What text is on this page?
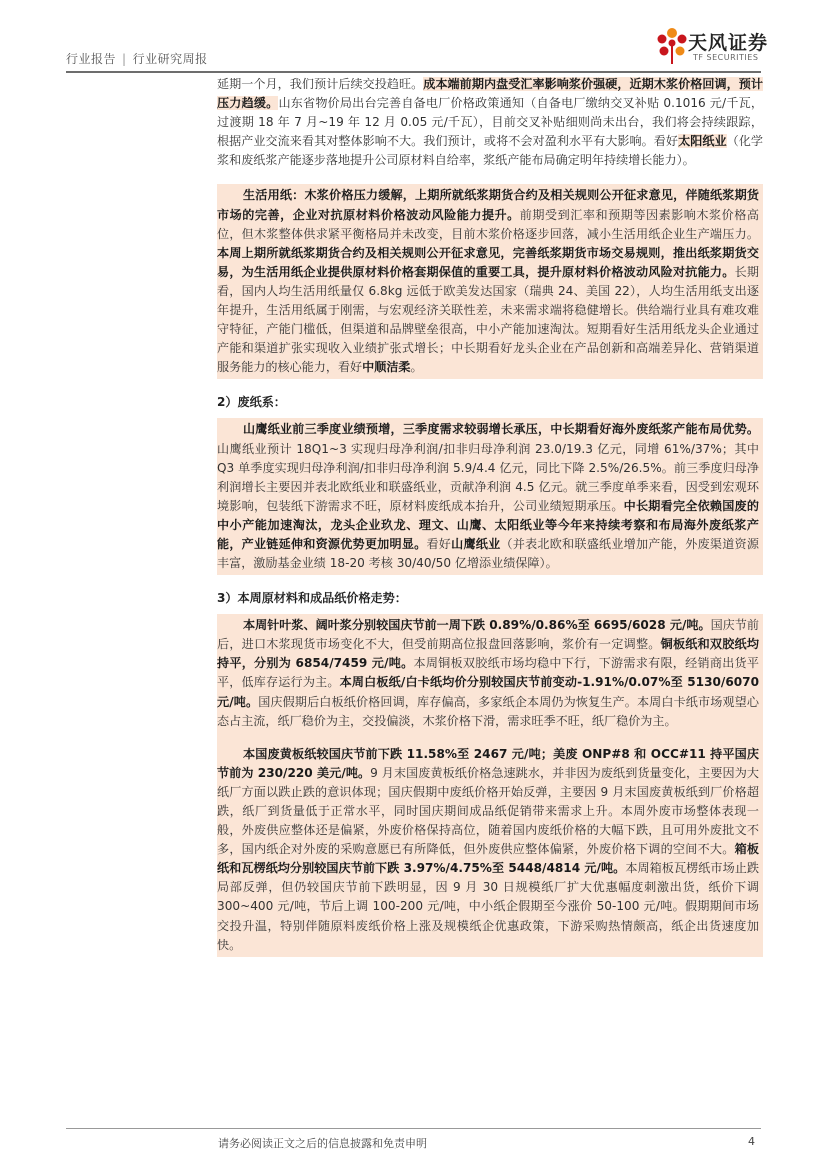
行业报告 | 行业研究周报
天风证券
TF SECURITIES

延期一个月，我们预计后续交投趋旺。成本端前期内盘受汇率影响浆价强硬，近期木浆价格回调，预计压力趋缓。山东省物价局出台完善自备电厂价格政策通知（自备电厂缴纳交叉补贴 0.1016 元/千瓦，过渡期 18 年 7 月~19 年 12 月 0.05 元/千瓦），目前交叉补贴细则尚未出台，我们将会持续跟踪，根据产业交流来看其对整体影响不大。我们预计，或将不会对盈利水平有大影响。看好太阳纸业（化学浆和废纸浆产能逐步落地提升公司原材料自给率，浆纸产能布局确定明年持续增长能力）。

生活用纸：木浆价格压力缓解，上期所就纸浆期货合约及相关规则公开征求意见，伴随纸浆期货市场的完善，企业对抗原材料价格波动风险能力提升。前期受到汇率和预期等因素影响木浆价格高位，但木浆整体供求紧平衡格局并未改变，目前木浆价格逐步回落，减小生活用纸企业生产端压力。本周上期所就纸浆期货合约及相关规则公开征求意见，完善纸浆期货市场交易规则，推出纸浆期货交易，为生活用纸企业提供原材料价格套期保值的重要工具，提升原材料价格波动风险对抗能力。长期看，国内人均生活用纸量仅 6.8kg 远低于欧美发达国家（瑞典 24、美国 22），人均生活用纸支出逐年提升，生活用纸属于刚需，与宏观经济关联性差，未来需求端将稳健增长。供给端行业具有难攻难守特征，产能门槛低，但渠道和品牌壁垒很高，中小产能加速淘汰。短期看好生活用纸龙头企业通过产能和渠道扩张实现收入业绩扩张式增长；中长期看好龙头企业在产品创新和高端差异化、营销渠道服务能力的核心能力，看好中顺洁柔。

2）废纸系：

山鹰纸业前三季度业绩预增，三季度需求较弱增长承压，中长期看好海外废纸浆产能布局优势。山鹰纸业预计 18Q1~3 实现归母净利润/扣非归母净利润 23.0/19.3 亿元，同增 61%/37%；其中 Q3 单季度实现归母净利润/扣非归母净利润 5.9/4.4 亿元，同比下降 2.5%/26.5%。前三季度归母净利润增长主要因并表北欧纸业和联盛纸业，贡献净利润 4.5 亿元。就三季度单季来看，因受到宏观环境影响，包装纸下游需求不旺，原材料废纸成本抬升，公司业绩短期承压。中长期看完全依赖国废的中小产能加速淘汰，龙头企业玖龙、理文、山鹰、太阳纸业等今年来持续考察和布局海外废纸浆产能，产业链延伸和资源优势更加明显。看好山鹰纸业（并表北欧和联盛纸业增加产能，外废渠道资源丰富，激励基金业绩 18-20 考核 30/40/50 亿增添业绩保障）。

3）本周原材料和成品纸价格走势：

本周针叶浆、阔叶浆分别较国庆节前一周下跌 0.89%/0.86%至 6695/6028 元/吨。国庆节前后，进口木浆现货市场变化不大，但受前期高位报盘回落影响，浆价有一定调整。铜板纸和双胶纸均持平，分别为 6854/7459 元/吨。本周铜板双胶纸市场均稳中下行，下游需求有限，经销商出货平平，低库存运行为主。本周白板纸/白卡纸均价分别较国庆节前变动-1.91%/0.07%至 5130/6070 元/吨。国庆假期后白板纸价格回调，库存偏高，多家纸企本周仍为恢复生产。本周白卡纸市场观望心态占主流，纸厂稳价为主，交投偏淡，木浆价格下滑，需求旺季不旺，纸厂稳价为主。

本国废黄板纸较国庆节前下跌 11.58%至 2467 元/吨；美废 ONP#8 和 OCC#11 持平国庆节前为 230/220 美元/吨。9 月末国废黄板纸价格急速跳水，并非因为废纸到货量变化，主要因为大纸厂方面以跌止跌的意识体现；国庆假期中废纸价格开始反弹，主要因 9 月末国废黄板纸到厂价格超跌，纸厂到货量低于正常水平，同时国庆期间成品纸促销带来需求上升。本周外废市场整体表现一般，外废供应整体还是偏紧，外废价格保持高位，随着国内废纸价格的大幅下跌，且可用外废批文不多，国内纸企对外废的采购意愿已有所降低，但外废供应整体偏紧，外废价格下调的空间不大。箱板纸和瓦楞纸均分别较国庆节前下跌 3.97%/4.75%至 5448/4814 元/吨。本周箱板瓦楞纸市场止跌局部反弹，但仍较国庆节前下跌明显，因 9 月 30 日规模纸厂扩大优惠幅度刺激出货，纸价下调 300~400 元/吨，节后上调 100-200 元/吨，中小纸企假期至今涨价 50-100 元/吨。假期期间市场交投升温，特别伴随原料废纸价格上涨及规模纸企优惠政策，下游采购热情颇高，纸企出货速度加快。

请务必阅读正文之后的信息披露和免责申明	4
